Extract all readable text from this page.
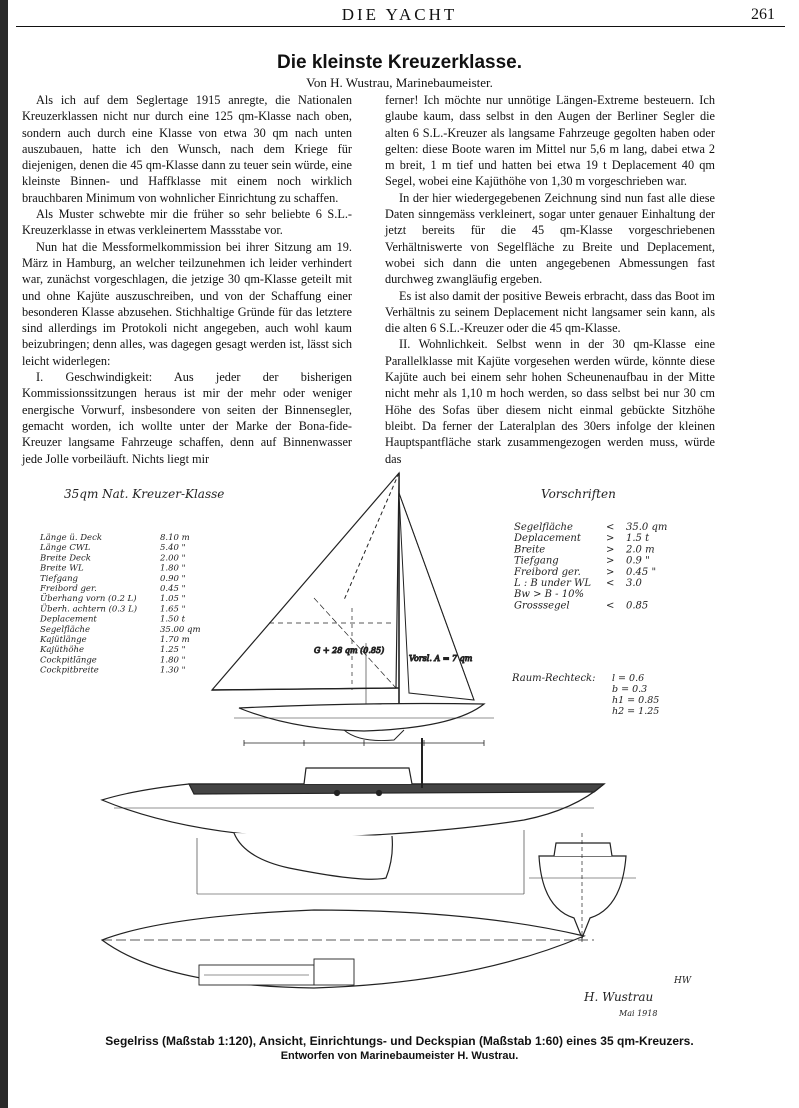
DIE YACHT	261
Die kleinste Kreuzerklasse.
Von H. Wustrau, Marinebaumeister.

Als ich auf dem Seglertage 1915 anregte, die Nationalen Kreuzerklassen nicht nur durch eine 125 qm-Klasse nach oben, sondern auch durch eine Klasse von etwa 30 qm nach unten auszubauen, hatte ich den Wunsch, nach dem Kriege für diejenigen, denen die 45 qm-Klasse dann zu teuer sein würde, eine kleinste Binnen- und Haffklasse mit einem noch wirklich brauchbaren Minimum von wohnlicher Einrichtung zu schaffen.

Als Muster schwebte mir die früher so sehr beliebte 6 S.L.-Kreuzerklasse in etwas verkleinertem Massstabe vor.

Nun hat die Messformelkommission bei ihrer Sitzung am 19. März in Hamburg, an welcher teilzunehmen ich leider verhindert war, zunächst vorgeschlagen, die jetzige 30 qm-Klasse geteilt mit und ohne Kajüte auszuschreiben, und von der Schaffung einer besonderen Klasse abzusehen. Stichhaltige Gründe für das letztere sind allerdings im Protokoli nicht angegeben, auch wohl kaum beizubringen; denn alles, was dagegen gesagt werden ist, lässt sich leicht widerlegen:

I. Geschwindigkeit: Aus jeder der bisherigen Kommissionssitzungen heraus ist mir der mehr oder weniger energische Vorwurf, insbesondere von seiten der Binnensegler, gemacht worden, ich wollte unter der Marke der Bona-fide-Kreuzer langsame Fahrzeuge schaffen, denn auf Binnenwasser jede Jolle vorbeiläuft. Nichts liegt mir

ferner! Ich möchte nur unnötige Längen-Extreme besteuern. Ich glaube kaum, dass selbst in den Augen der Berliner Segler die alten 6 S.L.-Kreuzer als langsame Fahrzeuge gegolten haben oder gelten: diese Boote waren im Mittel nur 5,6 m lang, dabei etwa 2 m breit, 1 m tief und hatten bei etwa 19 t Deplacement 40 qm Segel, wobei eine Kajüthöhe von 1,30 m vorgeschrieben war.

In der hier wiedergegebenen Zeichnung sind nun fast alle diese Daten sinngemäss verkleinert, sogar unter genauer Einhaltung der jetzt bereits für die 45 qm-Klasse vorgeschriebenen Verhältniswerte von Segelfläche zu Breite und Deplacement, wobei sich dann die unten angegebenen Abmessungen fast durchweg zwangläufig ergeben.

Es ist also damit der positive Beweis erbracht, dass das Boot im Verhältnis zu seinem Deplacement nicht langsamer sein kann, als die alten 6 S.L.-Kreuzer oder die 45 qm-Klasse.

II. Wohnlichkeit. Selbst wenn in der 30 qm-Klasse eine Parallelklasse mit Kajüte vorgesehen werden würde, könnte diese Kajüte auch bei einem sehr hohen Scheunenaufbau in der Mitte nicht mehr als 1,10 m hoch werden, so dass selbst bei nur 30 cm Höhe des Sofas über diesem nicht einmal gebückte Sitzhöhe bleibt. Da ferner der Lateralplan des 30ers infolge der kleinen Hauptspantfläche stark zusammengezogen werden muss, würde das

35qm Nat. Kreuzer-Klasse
Länge ü. Deck	8.10 m
Länge CWL	5.40 "
Breite Deck	2.00 "
Breite WL	1.80 "
Tiefgang	0.90 "
Freibord ger.	0.45 "
Überhang vorn (0.2 L)	1.05 "
Überh. achtern (0.3 L)	1.65 "
Deplacement	1.50 t
Segelfläche	35.00 qm
Kajütlänge	1.70 m
Kajüthöhe	1.25 "
Cockpitlänge	1.80 "
Cockpitbreite	1.30 "
Vorschriften
Segelfläche	< 35.0 qm
Deplacement	> 1.5 t
Breite	> 2.0 m
Tiefgang	> 0.9 "
Freibord ger.	> 0.45 "
L : B under WL < 3.0
Bw > B - 10%
Grosssegel	< 0.85
Raum-Rechteck: l = 0.6
b = 0.3
h1 = 0.85
h2 = 1.25
G + 28 qm (0.85)
Vorsl. A = 7 qm
H. Wustrau
Mai 1918
HW
Segelriss (Maßstab 1:120), Ansicht, Einrichtungs- und Deckspian (Maßstab 1:60) eines 35 qm-Kreuzers.
Entworfen von Marinebaumeister H. Wustrau.
